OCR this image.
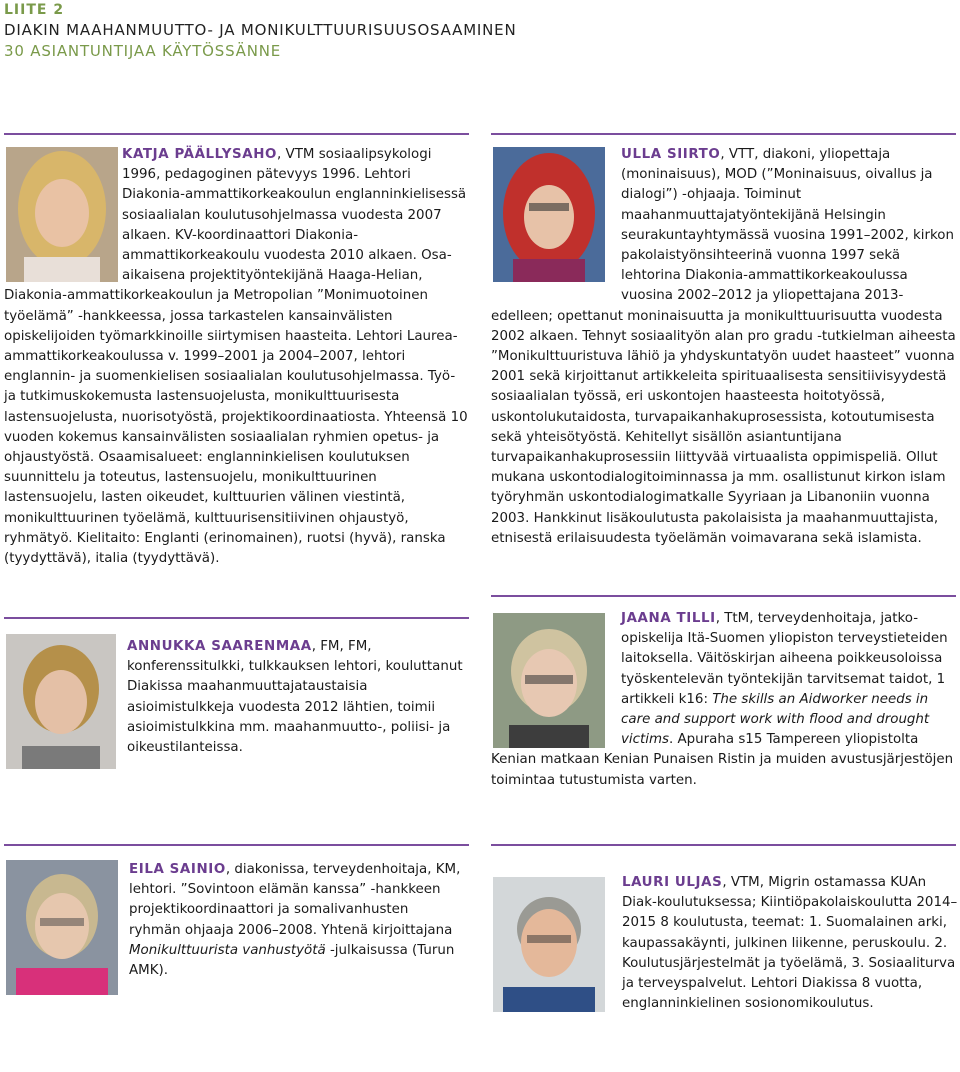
LIITE 2
DIAKIN MAAHANMUUTTO- JA MONIKULTTUURISUUSOSAAMINEN
30 ASIANTUNTIJAA KÄYTÖSSÄNNE
KATJA PÄÄLLYSAHO, VTM sosiaalipsykologi 1996, pedagoginen pätevyys 1996. Lehtori Diakonia-ammattikorkeakoulun englanninkielisessä sosiaalialan koulutusohjelmassa vuodesta 2007 alkaen. KV-koordinaattori Diakonia-ammattikorkeakoulu vuodesta 2010 alkaen. Osa-aikaisena projektityöntekijänä Haaga-Helian, Diakonia-ammattikorkeakoulun ja Metropolian ”Monimuotoinen työelämä” -hankkeessa, jossa tarkastelen kansainvälisten opiskelijoiden työmarkkinoille siirtymisen haasteita. Lehtori Laurea-ammattikorkeakoulussa v. 1999–2001 ja 2004–2007, lehtori englannin- ja suomenkielisen sosiaalialan koulutusohjelmassa. Työ- ja tutkimuskokemusta lastensuojelusta, monikulttuurisesta lastensuojelusta, nuorisotyöstä, projektikoordinaatiosta. Yhteensä 10 vuoden kokemus kansainvälisten sosiaalialan ryhmien opetus- ja ohjaustyöstä. Osaamisalueet: englanninkielisen koulutuksen suunnittelu ja toteutus, lastensuojelu, monikulttuurinen lastensuojelu, lasten oikeudet, kulttuurien välinen viestintä, monikulttuurinen työelämä, kulttuurisensitiivinen ohjaustyö, ryhmätyö. Kielitaito: Englanti (erinomainen), ruotsi (hyvä), ranska (tyydyttävä), italia (tyydyttävä).
ULLA SIIRTO, VTT, diakoni, yliopettaja (moninaisuus), MOD (”Moninaisuus, oivallus ja dialogi”) -ohjaaja. Toiminut maahanmuuttajatyöntekijänä Helsingin seurakuntayhtymässä vuosina 1991–2002, kirkon pakolaistyönsihteerinä vuonna 1997 sekä lehtorina Diakonia-ammattikorkeakoulussa vuosina 2002–2012 ja yliopettajana 2013-edelleen; opettanut moninaisuutta ja monikulttuurisuutta vuodesta 2002 alkaen. Tehnyt sosiaalityön alan pro gradu -tutkielman aiheesta ”Monikulttuuristuva lähiö ja yhdyskuntatyön uudet haasteet” vuonna 2001 sekä kirjoittanut artikkeleita spirituaalisesta sensitiivisyydestä sosiaalialan työssä, eri uskontojen haasteesta hoitotyössä, uskontolukutaidosta, turvapaikanhakuprosessista, kotoutumisesta sekä yhteisötyöstä. Kehitellyt sisällön asiantuntijana turvapaikanhakuprosessiin liittyvää virtuaalista oppimispeliä. Ollut mukana uskontodialogitoiminnassa ja mm. osallistunut kirkon islam työryhmän uskontodialogimatkalle Syyriaan ja Libanoniin vuonna 2003. Hankkinut lisäkoulutusta pakolaisista ja maahanmuuttajista, etnisestä erilaisuudesta työelämän voimavarana sekä islamista.
ANNUKKA SAARENMAA, FM, FM, konferenssitulkki, tulkkauksen lehtori, kouluttanut Diakissa maahanmuuttajataustaisia asioimistulkkeja vuodesta 2012 lähtien, toimii asioimistulkkina mm. maahanmuutto-, poliisi- ja oikeustilanteissa.
JAANA TILLI, TtM, terveydenhoitaja, jatko-opiskelija Itä-Suomen yliopiston terveystieteiden laitoksella. Väitöskirjan aiheena poikkeusoloissa työskentelevän työntekijän tarvitsemat taidot, 1 artikkeli k16: The skills an Aidworker needs in care and support work with flood and drought victims. Apuraha s15 Tampereen yliopistolta Kenian matkaan Kenian Punaisen Ristin ja muiden avustusjärjestöjen toimintaa tutustumista varten.
EILA SAINIO, diakonissa, terveydenhoitaja, KM, lehtori. ”Sovintoon elämän kanssa” -hankkeen projektikoordinaattori ja somalivanhusten ryhmän ohjaaja 2006–2008. Yhtenä kirjoittajana Monikulttuurista vanhustyötä -julkaisussa (Turun AMK).
LAURI ULJAS, VTM, Migrin ostamassa KUAn Diak-koulutuksessa; Kiintiöpakolaiskoulutta 2014–2015 8 koulutusta, teemat: 1. Suomalainen arki, kaupassakäynti, julkinen liikenne, peruskoulu. 2. Koulutusjärjestelmät ja työelämä, 3. Sosiaaliturva ja terveyspalvelut. Lehtori Diakissa 8 vuotta, englanninkielinen sosionomikoulutus.
